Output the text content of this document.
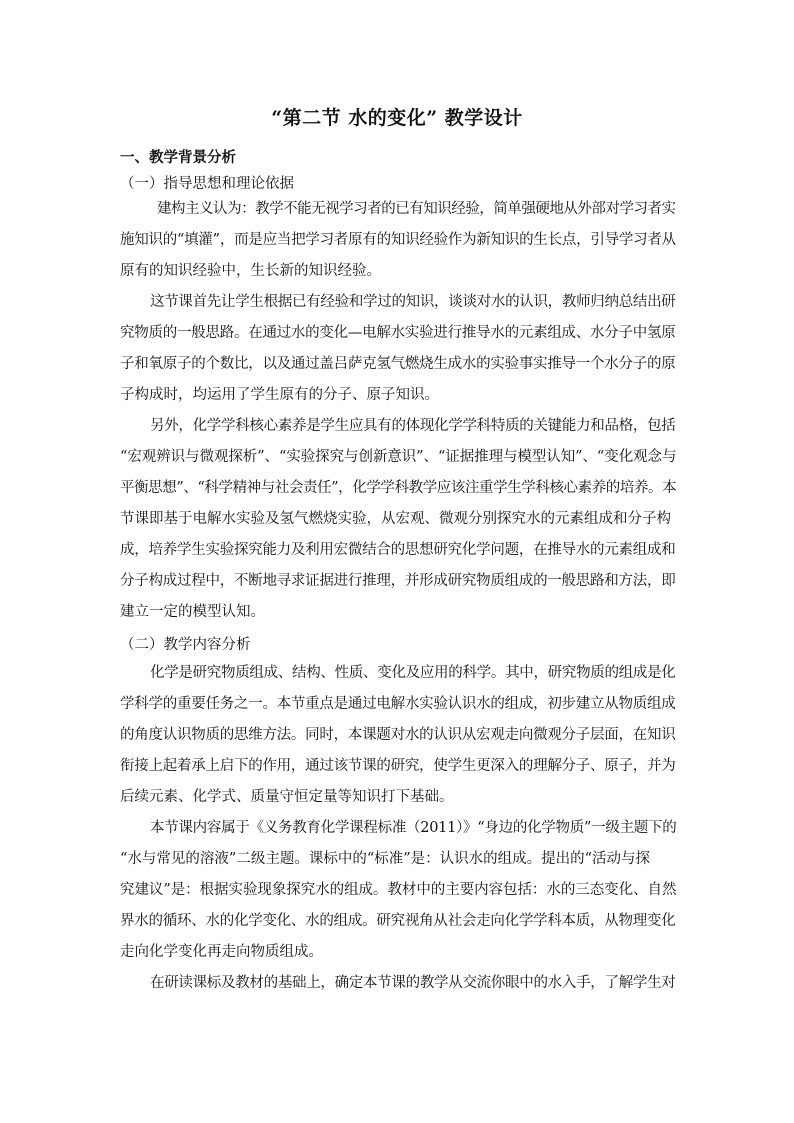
“第二节 水的变化” 教学设计
一、教学背景分析
（一）指导思想和理论依据
建构主义认为：教学不能无视学习者的已有知识经验，简单强硬地从外部对学习者实
施知识的“填灌”，而是应当把学习者原有的知识经验作为新知识的生长点，引导学习者从
原有的知识经验中，生长新的知识经验。
这节课首先让学生根据已有经验和学过的知识，谈谈对水的认识，教师归纳总结出研
究物质的一般思路。在通过水的变化—电解水实验进行推导水的元素组成、水分子中氢原
子和氧原子的个数比，以及通过盖吕萨克氢气燃烧生成水的实验事实推导一个水分子的原
子构成时，均运用了学生原有的分子、原子知识。
另外，化学学科核心素养是学生应具有的体现化学学科特质的关键能力和品格，包括
“宏观辨识与微观探析”、“实验探究与创新意识”、“证据推理与模型认知”、“变化观念与
平衡思想”、“科学精神与社会责任”，化学学科教学应该注重学生学科核心素养的培养。本
节课即基于电解水实验及氢气燃烧实验，从宏观、微观分别探究水的元素组成和分子构
成，培养学生实验探究能力及利用宏微结合的思想研究化学问题，在推导水的元素组成和
分子构成过程中，不断地寻求证据进行推理，并形成研究物质组成的一般思路和方法，即
建立一定的模型认知。
（二）教学内容分析
化学是研究物质组成、结构、性质、变化及应用的科学。其中，研究物质的组成是化
学科学的重要任务之一。本节重点是通过电解水实验认识水的组成，初步建立从物质组成
的角度认识物质的思维方法。同时，本课题对水的认识从宏观走向微观分子层面，在知识
衔接上起着承上启下的作用，通过该节课的研究，使学生更深入的理解分子、原子，并为
后续元素、化学式、质量守恒定量等知识打下基础。
本节课内容属于《义务教育化学课程标准（2011）》“身边的化学物质”一级主题下的
“水与常见的溶液”二级主题。课标中的“标准”是：认识水的组成。提出的“活动与探
究建议”是：根据实验现象探究水的组成。教材中的主要内容包括：水的三态变化、自然
界水的循环、水的化学变化、水的组成。研究视角从社会走向化学学科本质，从物理变化
走向化学变化再走向物质组成。
在研读课标及教材的基础上，确定本节课的教学从交流你眼中的水入手，了解学生对
